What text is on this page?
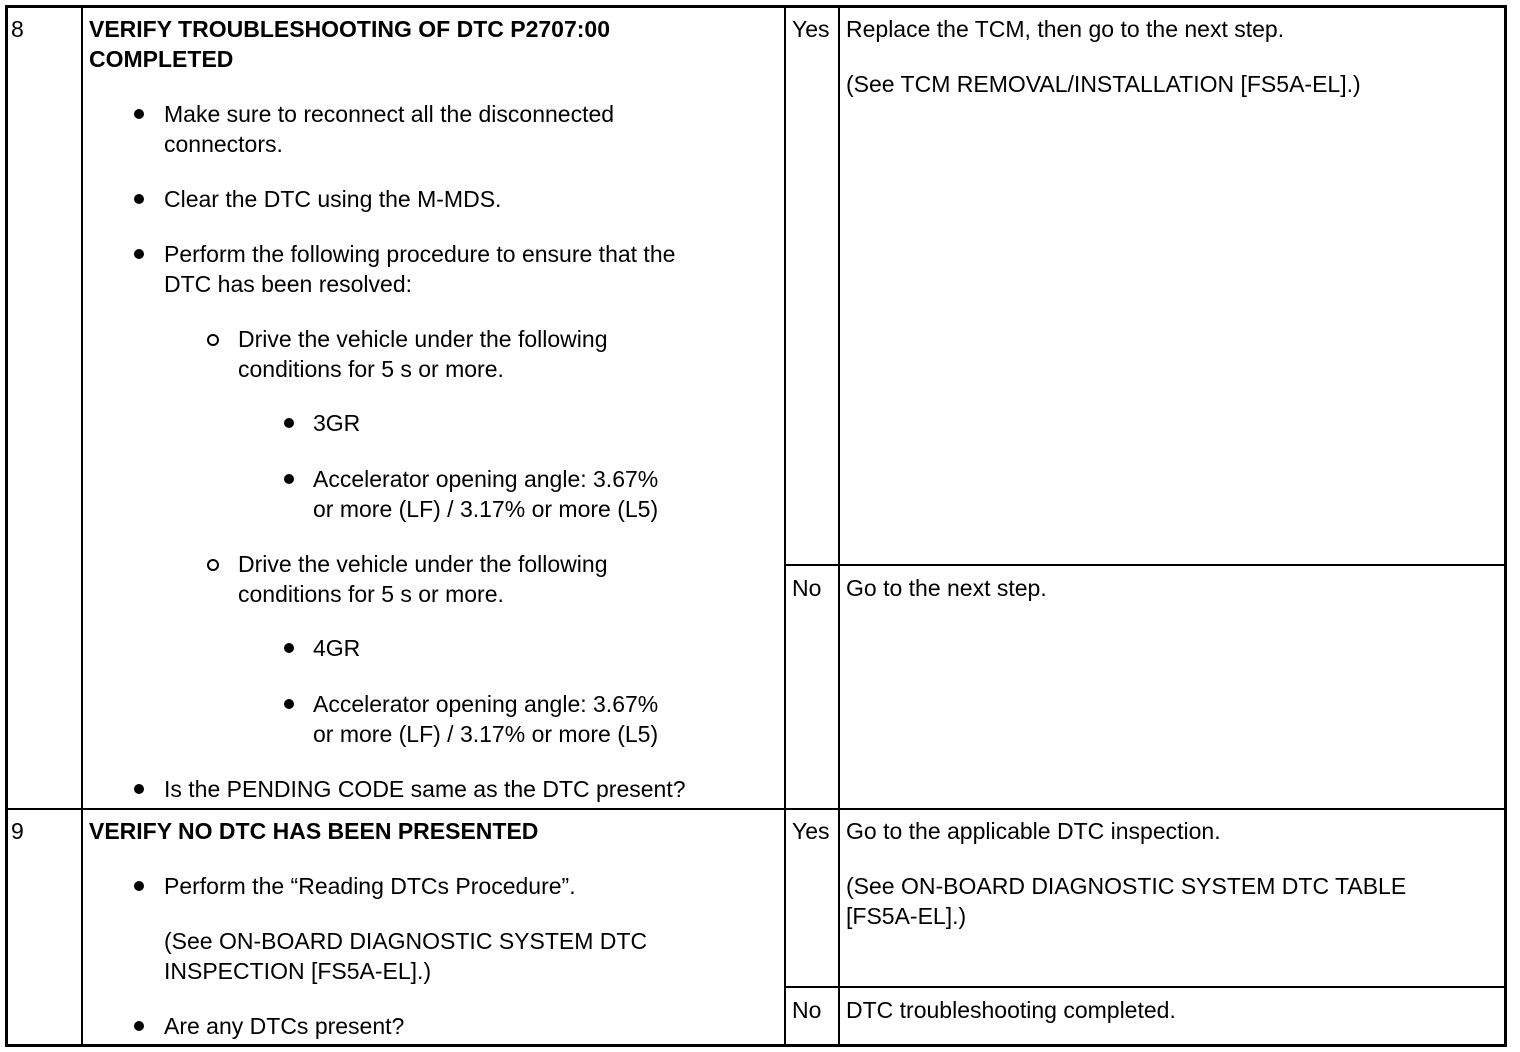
8	VERIFY TROUBLESHOOTING OF DTC P2707:00
COMPLETED
Make sure to reconnect all the disconnected
connectors.
Clear the DTC using the M-MDS.
Perform the following procedure to ensure that the
DTC has been resolved:
Drive the vehicle under the following
conditions for 5 s or more.
3GR
Accelerator opening angle: 3.67%
or more (LF) / 3.17% or more (L5)
Drive the vehicle under the following
conditions for 5 s or more.
4GR
Accelerator opening angle: 3.67%
or more (LF) / 3.17% or more (L5)
Is the PENDING CODE same as the DTC present?
Yes Replace the TCM, then go to the next step.
(See TCM REMOVAL/INSTALLATION [FS5A-EL].)
No Go to the next step.
9	VERIFY NO DTC HAS BEEN PRESENTED
Perform the “Reading DTCs Procedure”.
(See ON-BOARD DIAGNOSTIC SYSTEM DTC
INSPECTION [FS5A-EL].)
Are any DTCs present?
Yes Go to the applicable DTC inspection.
(See ON-BOARD DIAGNOSTIC SYSTEM DTC TABLE
[FS5A-EL].)
No DTC troubleshooting completed.
